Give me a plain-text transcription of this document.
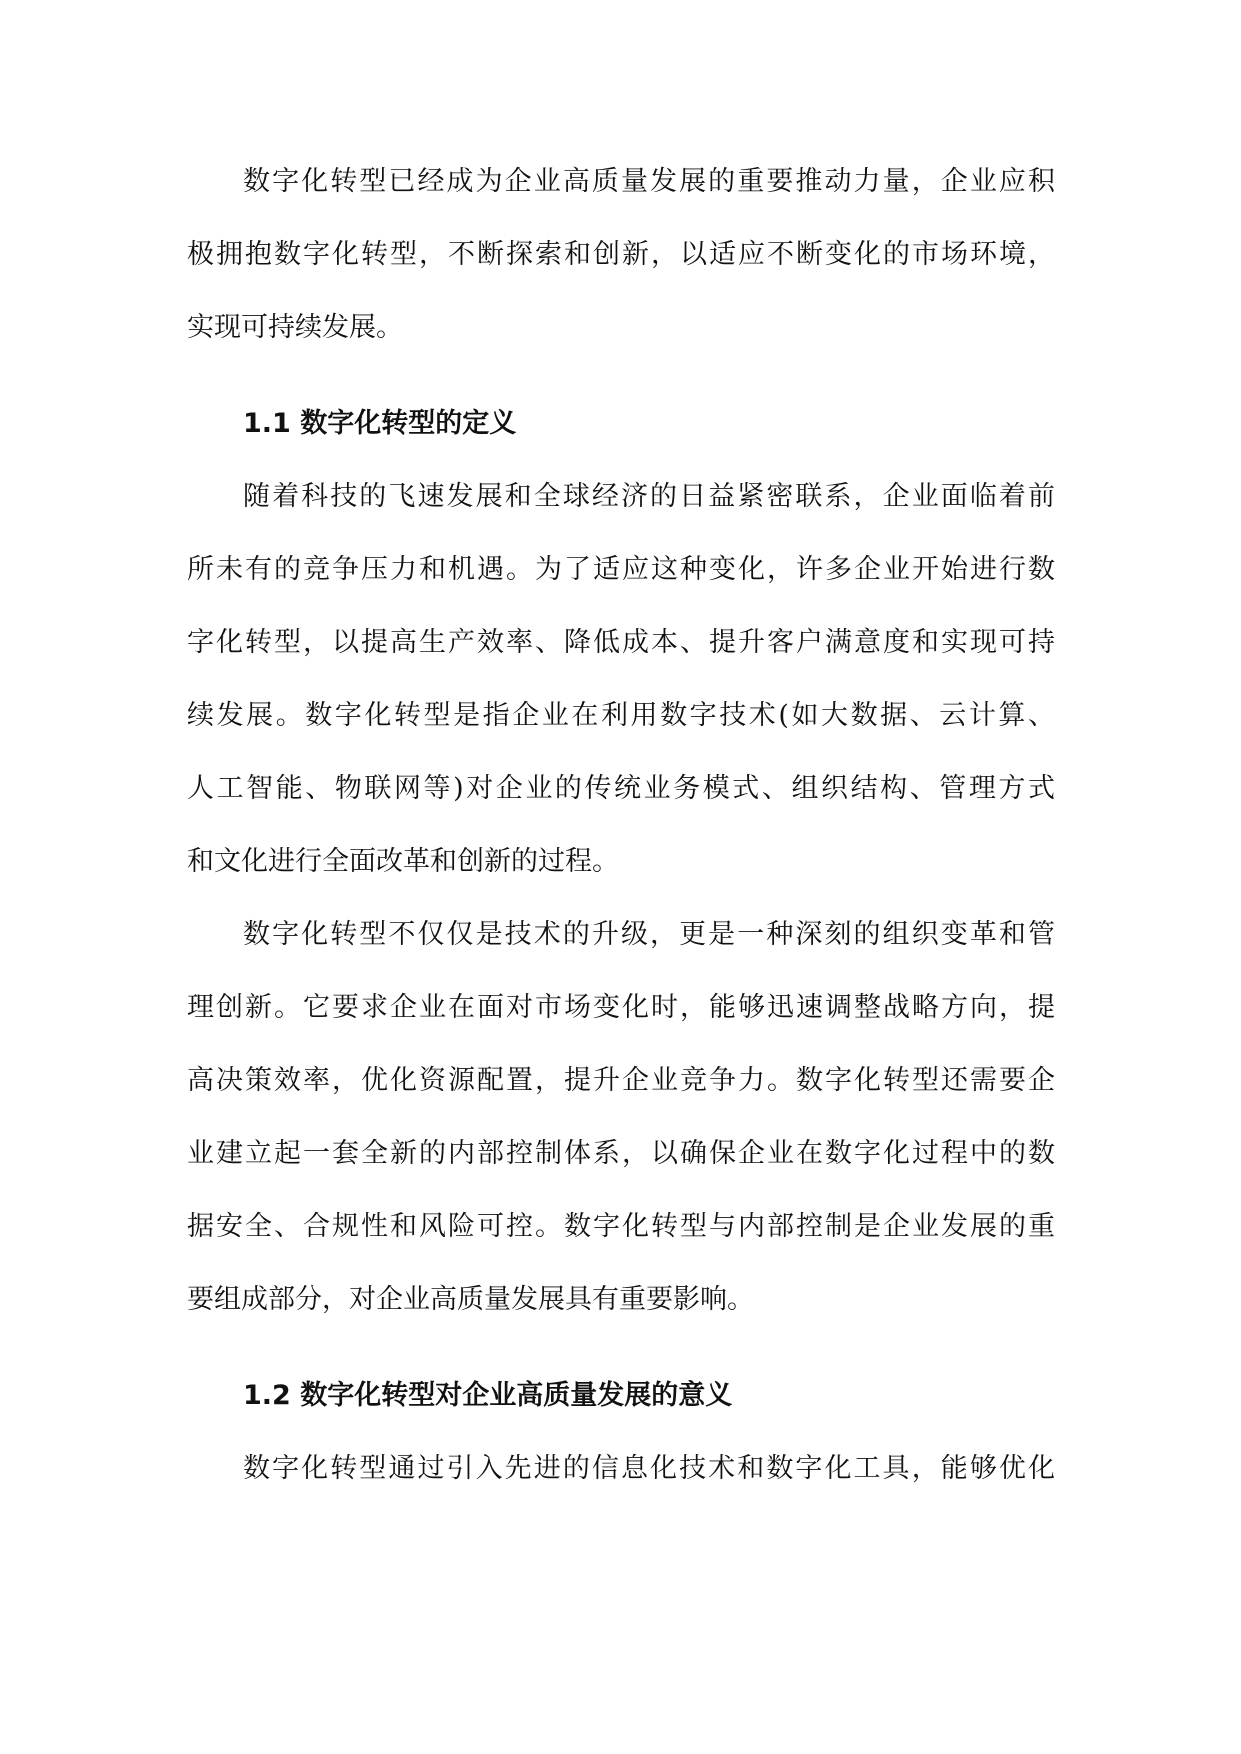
数字化转型已经成为企业高质量发展的重要推动力量，企业应积
极拥抱数字化转型，不断探索和创新，以适应不断变化的市场环境，
实现可持续发展。

1.1 数字化转型的定义

随着科技的飞速发展和全球经济的日益紧密联系，企业面临着前
所未有的竞争压力和机遇。为了适应这种变化，许多企业开始进行数
字化转型，以提高生产效率、降低成本、提升客户满意度和实现可持
续发展。数字化转型是指企业在利用数字技术(如大数据、云计算、
人工智能、物联网等)对企业的传统业务模式、组织结构、管理方式
和文化进行全面改革和创新的过程。

数字化转型不仅仅是技术的升级，更是一种深刻的组织变革和管
理创新。它要求企业在面对市场变化时，能够迅速调整战略方向，提
高决策效率，优化资源配置，提升企业竞争力。数字化转型还需要企
业建立起一套全新的内部控制体系，以确保企业在数字化过程中的数
据安全、合规性和风险可控。数字化转型与内部控制是企业发展的重
要组成部分，对企业高质量发展具有重要影响。

1.2 数字化转型对企业高质量发展的意义

数字化转型通过引入先进的信息化技术和数字化工具，能够优化
